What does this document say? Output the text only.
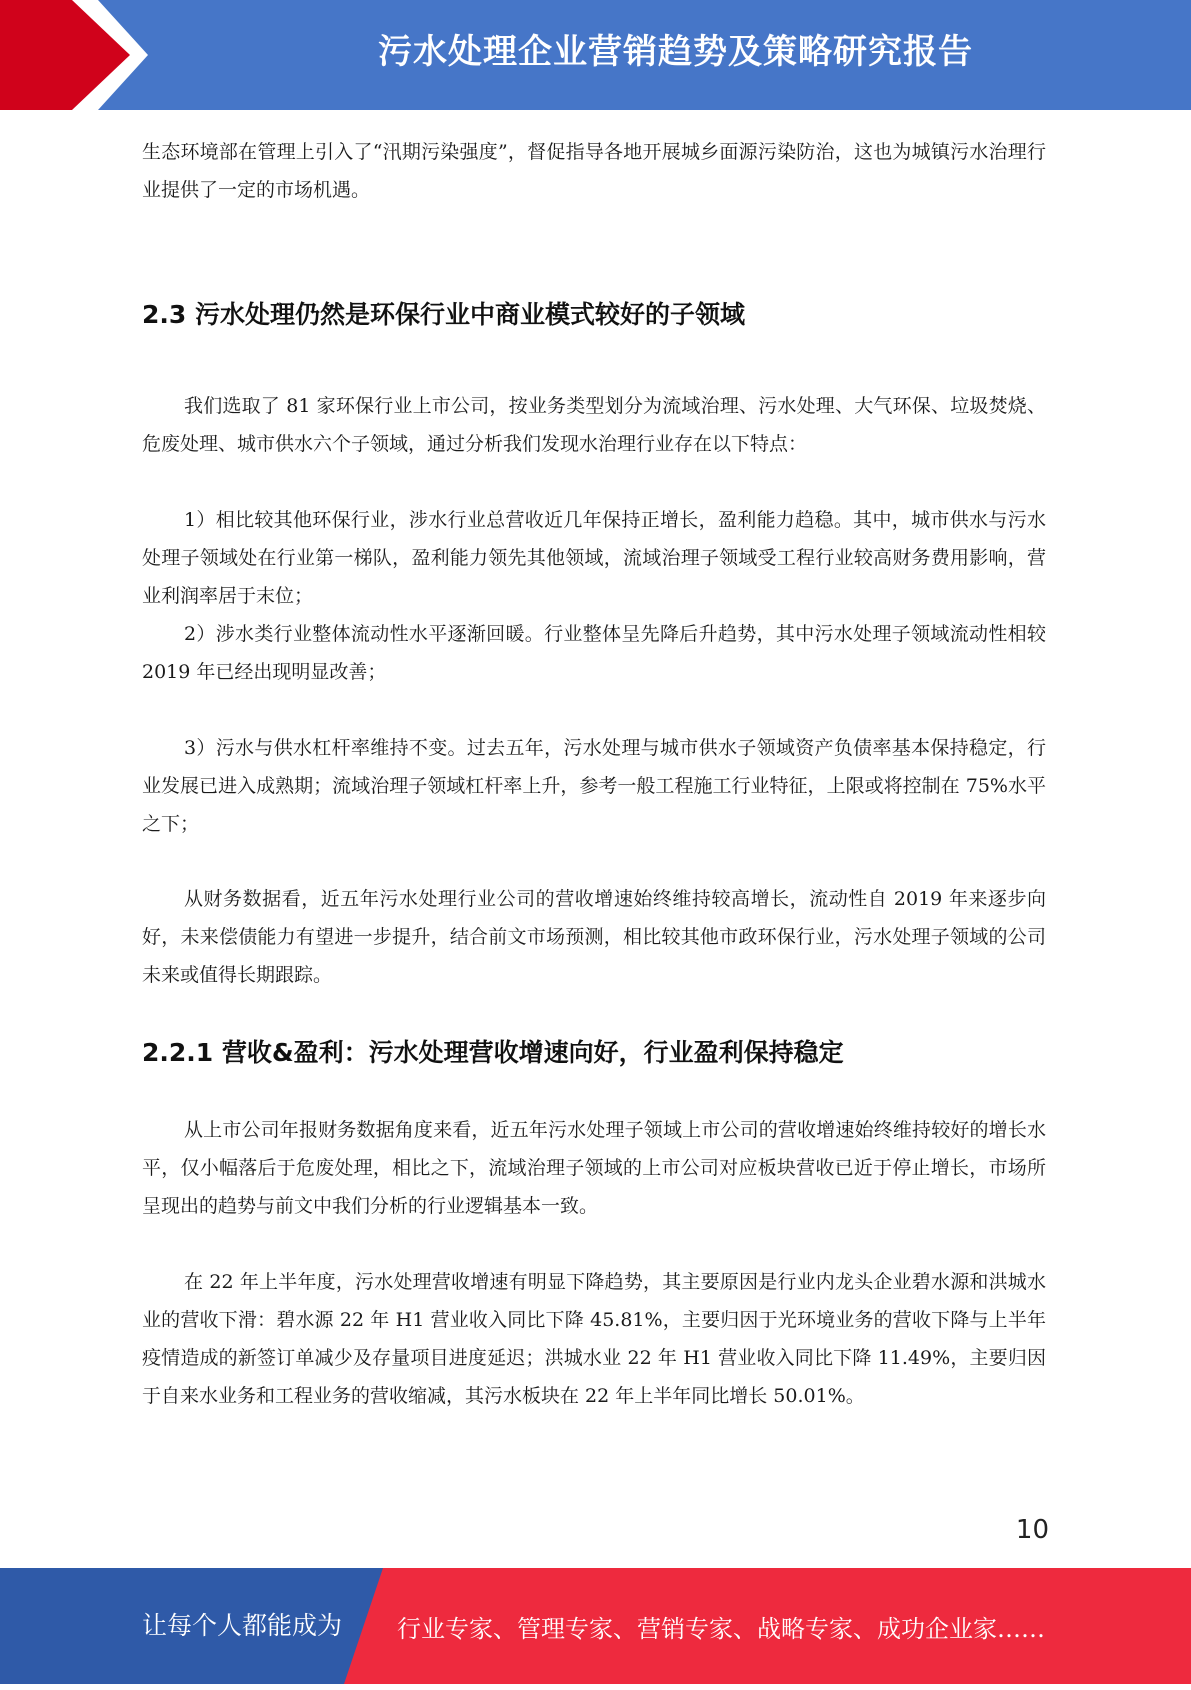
污水处理企业营销趋势及策略研究报告

生态环境部在管理上引入了“汛期污染强度”，督促指导各地开展城乡面源污染防治，这也为城镇污水治理行业提供了一定的市场机遇。

2.3 污水处理仍然是环保行业中商业模式较好的子领域

我们选取了 81 家环保行业上市公司，按业务类型划分为流域治理、污水处理、大气环保、垃圾焚烧、危废处理、城市供水六个子领域，通过分析我们发现水治理行业存在以下特点：

1）相比较其他环保行业，涉水行业总营收近几年保持正增长，盈利能力趋稳。其中，城市供水与污水处理子领域处在行业第一梯队，盈利能力领先其他领域，流域治理子领域受工程行业较高财务费用影响，营业利润率居于末位；

2）涉水类行业整体流动性水平逐渐回暖。行业整体呈先降后升趋势，其中污水处理子领域流动性相较 2019 年已经出现明显改善；

3）污水与供水杠杆率维持不变。过去五年，污水处理与城市供水子领域资产负债率基本保持稳定，行业发展已进入成熟期；流域治理子领域杠杆率上升，参考一般工程施工行业特征，上限或将控制在 75%水平之下；

从财务数据看，近五年污水处理行业公司的营收增速始终维持较高增长，流动性自 2019 年来逐步向好，未来偿债能力有望进一步提升，结合前文市场预测，相比较其他市政环保行业，污水处理子领域的公司未来或值得长期跟踪。

2.2.1 营收&盈利：污水处理营收增速向好，行业盈利保持稳定

从上市公司年报财务数据角度来看，近五年污水处理子领域上市公司的营收增速始终维持较好的增长水平，仅小幅落后于危废处理，相比之下，流域治理子领域的上市公司对应板块营收已近于停止增长，市场所呈现出的趋势与前文中我们分析的行业逻辑基本一致。

在 22 年上半年度，污水处理营收增速有明显下降趋势，其主要原因是行业内龙头企业碧水源和洪城水业的营收下滑：碧水源 22 年 H1 营业收入同比下降 45.81%，主要归因于光环境业务的营收下降与上半年疫情造成的新签订单减少及存量项目进度延迟；洪城水业 22 年 H1 营业收入同比下降 11.49%，主要归因于自来水业务和工程业务的营收缩减，其污水板块在 22 年上半年同比增长 50.01%。

10
让每个人都能成为 行业专家、管理专家、营销专家、战略专家、成功企业家……
